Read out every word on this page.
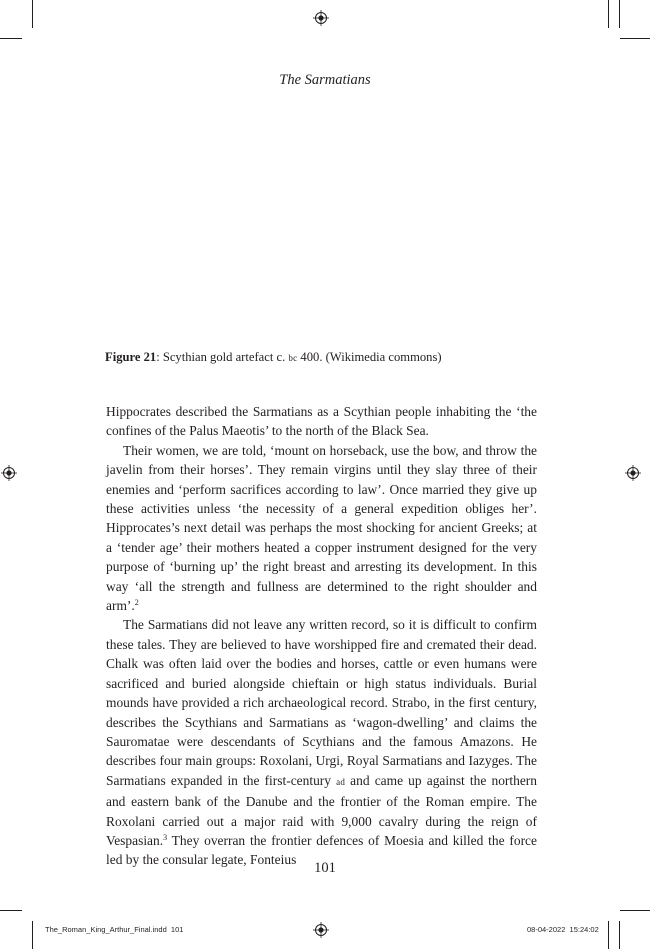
The Sarmatians
Figure 21: Scythian gold artefact c. bc 400. (Wikimedia commons)

Hippocrates described the Sarmatians as a Scythian people inhabiting the ‘the confines of the Palus Maeotis’ to the north of the Black Sea.

Their women, we are told, ‘mount on horseback, use the bow, and throw the javelin from their horses’. They remain virgins until they slay three of their enemies and ‘perform sacrifices according to law’. Once married they give up these activities unless ‘the necessity of a general expedition obliges her’. Hipprocates’s next detail was perhaps the most shocking for ancient Greeks; at a ‘tender age’ their mothers heated a copper instrument designed for the very purpose of ‘burning up’ the right breast and arresting its development. In this way ‘all the strength and fullness are determined to the right shoulder and arm’.$^2$

The Sarmatians did not leave any written record, so it is difficult to confirm these tales. They are believed to have worshipped fire and cremated their dead. Chalk was often laid over the bodies and horses, cattle or even humans were sacrificed and buried alongside chieftain or high status individuals. Burial mounds have provided a rich archaeological record. Strabo, in the first century, describes the Scythians and Sarmatians as ‘wagon-dwelling’ and claims the Sauromatae were descendants of Scythians and the famous Amazons. He describes four main groups: Roxolani, Urgi, Royal Sarmatians and Iazyges. The Sarmatians expanded in the first-century ad and came up against the northern and eastern bank of the Danube and the frontier of the Roman empire. The Roxolani carried out a major raid with 9,000 cavalry during the reign of Vespasian.$^3$ They overran the frontier defences of Moesia and killed the force led by the consular legate, Fonteius

101
The_Roman_King_Arthur_Final.indd 101	08-04-2022 15:24:02
